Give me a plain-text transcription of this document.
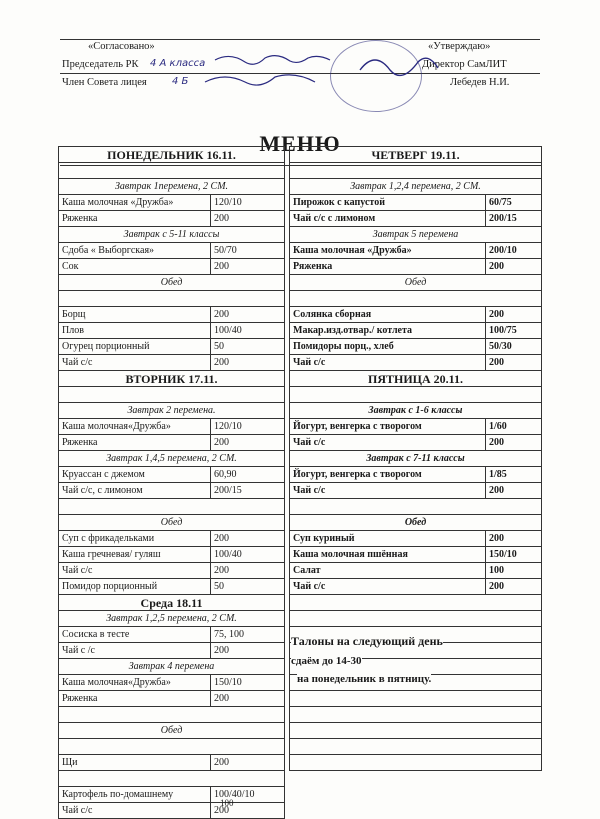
«Согласовано»	«Утверждаю»
Председатель РК 4 А класса	Директор СамЛИТ
Член Совета лицея	4 Б	Лебедев Н.И.
МЕНЮ
ПОНЕДЕЛЬНИК 16.11.	

Завтрак 1перемена, 2 СМ.	
Каша молочная «Дружба»	120/10
Ряженка	200
Завтрак с 5-11 классы	
Сдоба « Выборгская»	50/70
Сок	200
Обед	

Борщ	200
Плов	100/40
Огурец порционный	50
Чай с/с	200
ВТОРНИК 17.11.	

Завтрак 2 перемена.	
Каша молочная«Дружба»	120/10
Ряженка	200
Завтрак 1,4,5 перемена, 2 СМ.	
Круассан с джемом	60,90
Чай с/с, с лимоном	200/15

Обед	
Суп с фрикадельками	200
Каша гречневая/ гуляш	100/40
Чай с/с	200
Помидор порционный	50
Среда 18.11	
Завтрак 1,2,5 перемена, 2 СМ.	
Сосиска в тесте	75, 100
Чай с /с	200
Завтрак 4 перемена	
Каша молочная«Дружба»	150/10
Ряженка	200

Обед	

Щи	200

Картофель по-домашнему	100/40/10
Чай с/с	200
ЧЕТВЕРГ 19.11.	

Завтрак 1,2,4 перемена, 2 СМ.	
Пирожок с капустой	60/75
Чай с/с с лимоном	200/15
Завтрак 5 перемена	
Каша молочная «Дружба»	200/10
Ряженка	200
Обед	

Солянка сборная	200
Макар.изд.отвар./ котлета	100/75
Помидоры порц., хлеб	50/30
Чай с/с	200
ПЯТНИЦА 20.11.	

Завтрак с 1-6 классы	
Йогурт, венгерка с творогом	1/60
Чай с/с	200
Завтрак с 7-11 классы	
Йогурт, венгерка с творогом	1/85
Чай с/с	200

Обед	
Суп куриный	200
Каша молочная пшённая	150/10
Салат	100
Чай с/с	200

Талоны на следующий день
сдаём до 14-30
на понедельник в пятницу.
100
